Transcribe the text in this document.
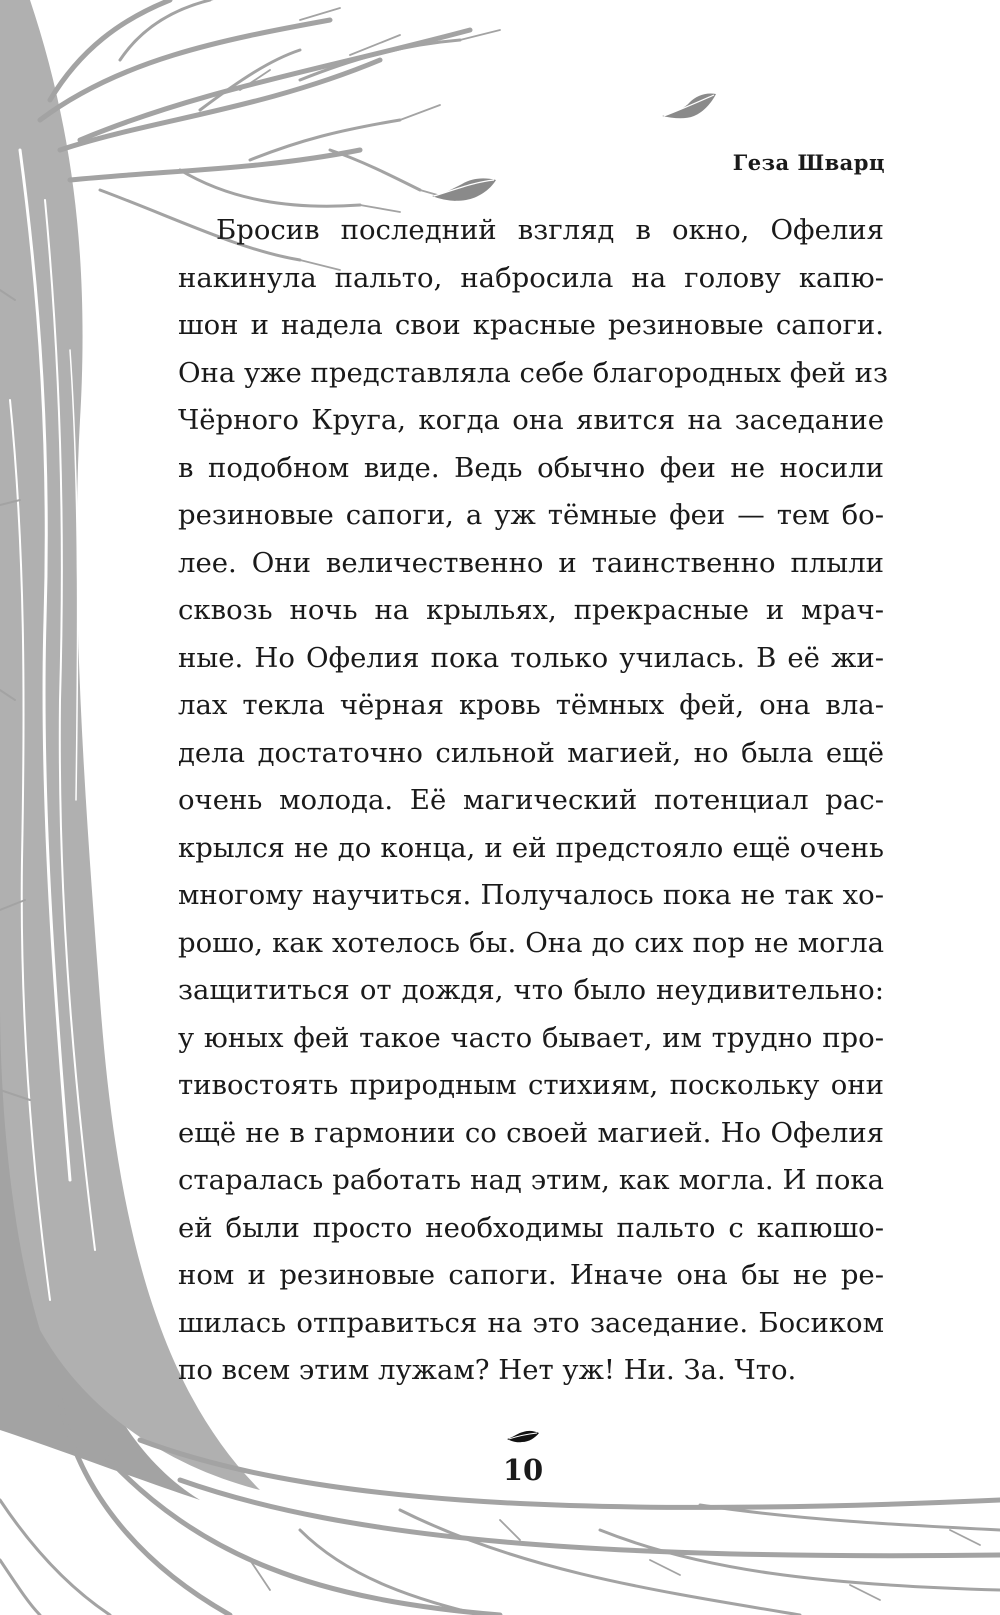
Геза Шварц
Бросив последний взгляд в окно, Офелия
накинула пальто, набросила на голову капю-
шон и надела свои красные резиновые сапоги.
Она уже представляла себе благородных фей из
Чёрного Круга, когда она явится на заседание
в подобном виде. Ведь обычно феи не носили
резиновые сапоги, а уж тёмные феи — тем бо-
лее. Они величественно и таинственно плыли
сквозь ночь на крыльях, прекрасные и мрач-
ные. Но Офелия пока только училась. В её жи-
лах текла чёрная кровь тёмных фей, она вла-
дела достаточно сильной магией, но была ещё
очень молода. Её магический потенциал рас-
крылся не до конца, и ей предстояло ещё очень
многому научиться. Получалось пока не так хо-
рошо, как хотелось бы. Она до сих пор не могла
защититься от дождя, что было неудивительно:
у юных фей такое часто бывает, им трудно про-
тивостоять природным стихиям, поскольку они
ещё не в гармонии со своей магией. Но Офелия
старалась работать над этим, как могла. И пока
ей были просто необходимы пальто с капюшо-
ном и резиновые сапоги. Иначе она бы не ре-
шилась отправиться на это заседание. Босиком
по всем этим лужам? Нет уж! Ни. За. Что.
10
